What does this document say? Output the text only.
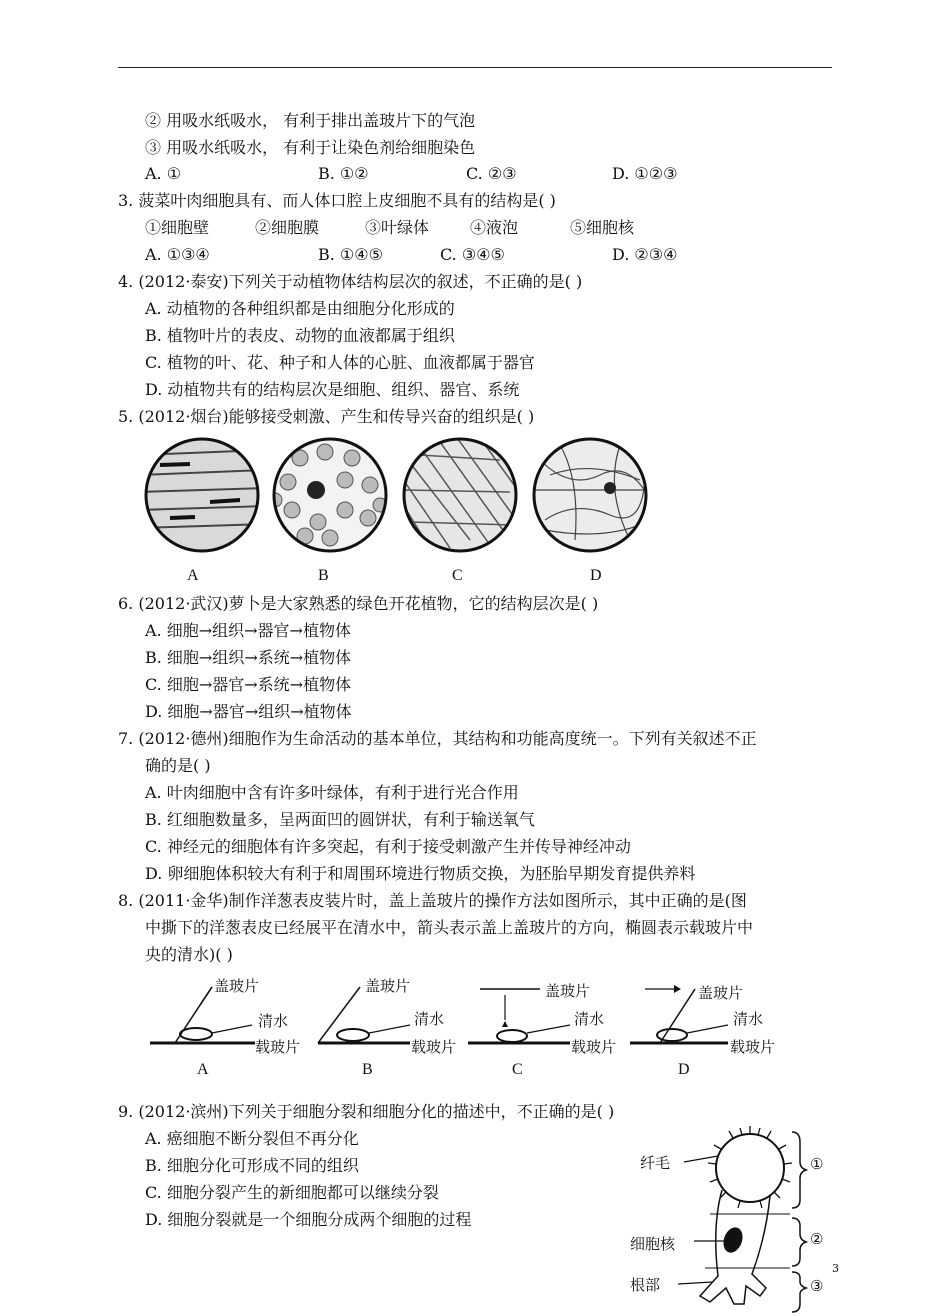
② 用吸水纸吸水， 有利于排出盖玻片下的气泡
③ 用吸水纸吸水， 有利于让染色剂给细胞染色
A. ①	B. ①②	C. ②③	D. ①②③
3. 菠菜叶肉细胞具有、而人体口腔上皮细胞不具有的结构是( )
①细胞壁	②细胞膜	③叶绿体	④液泡	⑤细胞核
A. ①③④	B. ①④⑤	C. ③④⑤	D. ②③④
4. (2012·泰安)下列关于动植物体结构层次的叙述，不正确的是( )
A. 动植物的各种组织都是由细胞分化形成的
B. 植物叶片的表皮、动物的血液都属于组织
C. 植物的叶、花、种子和人体的心脏、血液都属于器官
D. 动植物共有的结构层次是细胞、组织、器官、系统
5. (2012·烟台)能够接受刺激、产生和传导兴奋的组织是( )
A	B	C	D
6. (2012·武汉)萝卜是大家熟悉的绿色开花植物，它的结构层次是( )
A. 细胞→组织→器官→植物体
B. 细胞→组织→系统→植物体
C. 细胞→器官→系统→植物体
D. 细胞→器官→组织→植物体
7. (2012·德州)细胞作为生命活动的基本单位，其结构和功能高度统一。下列有关叙述不正
确的是( )
A. 叶肉细胞中含有许多叶绿体，有利于进行光合作用
B. 红细胞数量多，呈两面凹的圆饼状，有利于输送氧气
C. 神经元的细胞体有许多突起，有利于接受刺激产生并传导神经冲动
D. 卵细胞体积较大有利于和周围环境进行物质交换，为胚胎早期发育提供养料
8. (2011·金华)制作洋葱表皮装片时，盖上盖玻片的操作方法如图所示，其中正确的是(图
中撕下的洋葱表皮已经展平在清水中，箭头表示盖上盖玻片的方向，椭圆表示载玻片中
央的清水)( )
盖玻片
清水
载玻片
盖玻片
清水
载玻片
盖玻片
清水
载玻片
盖玻片
清水
载玻片
A	B	C	D
9. (2012·滨州)下列关于细胞分裂和细胞分化的描述中，不正确的是( )
A. 癌细胞不断分裂但不再分化
B. 细胞分化可形成不同的组织
C. 细胞分裂产生的新细胞都可以继续分裂
D. 细胞分裂就是一个细胞分成两个细胞的过程
纤毛
细胞核
根部
①
②
③
3
